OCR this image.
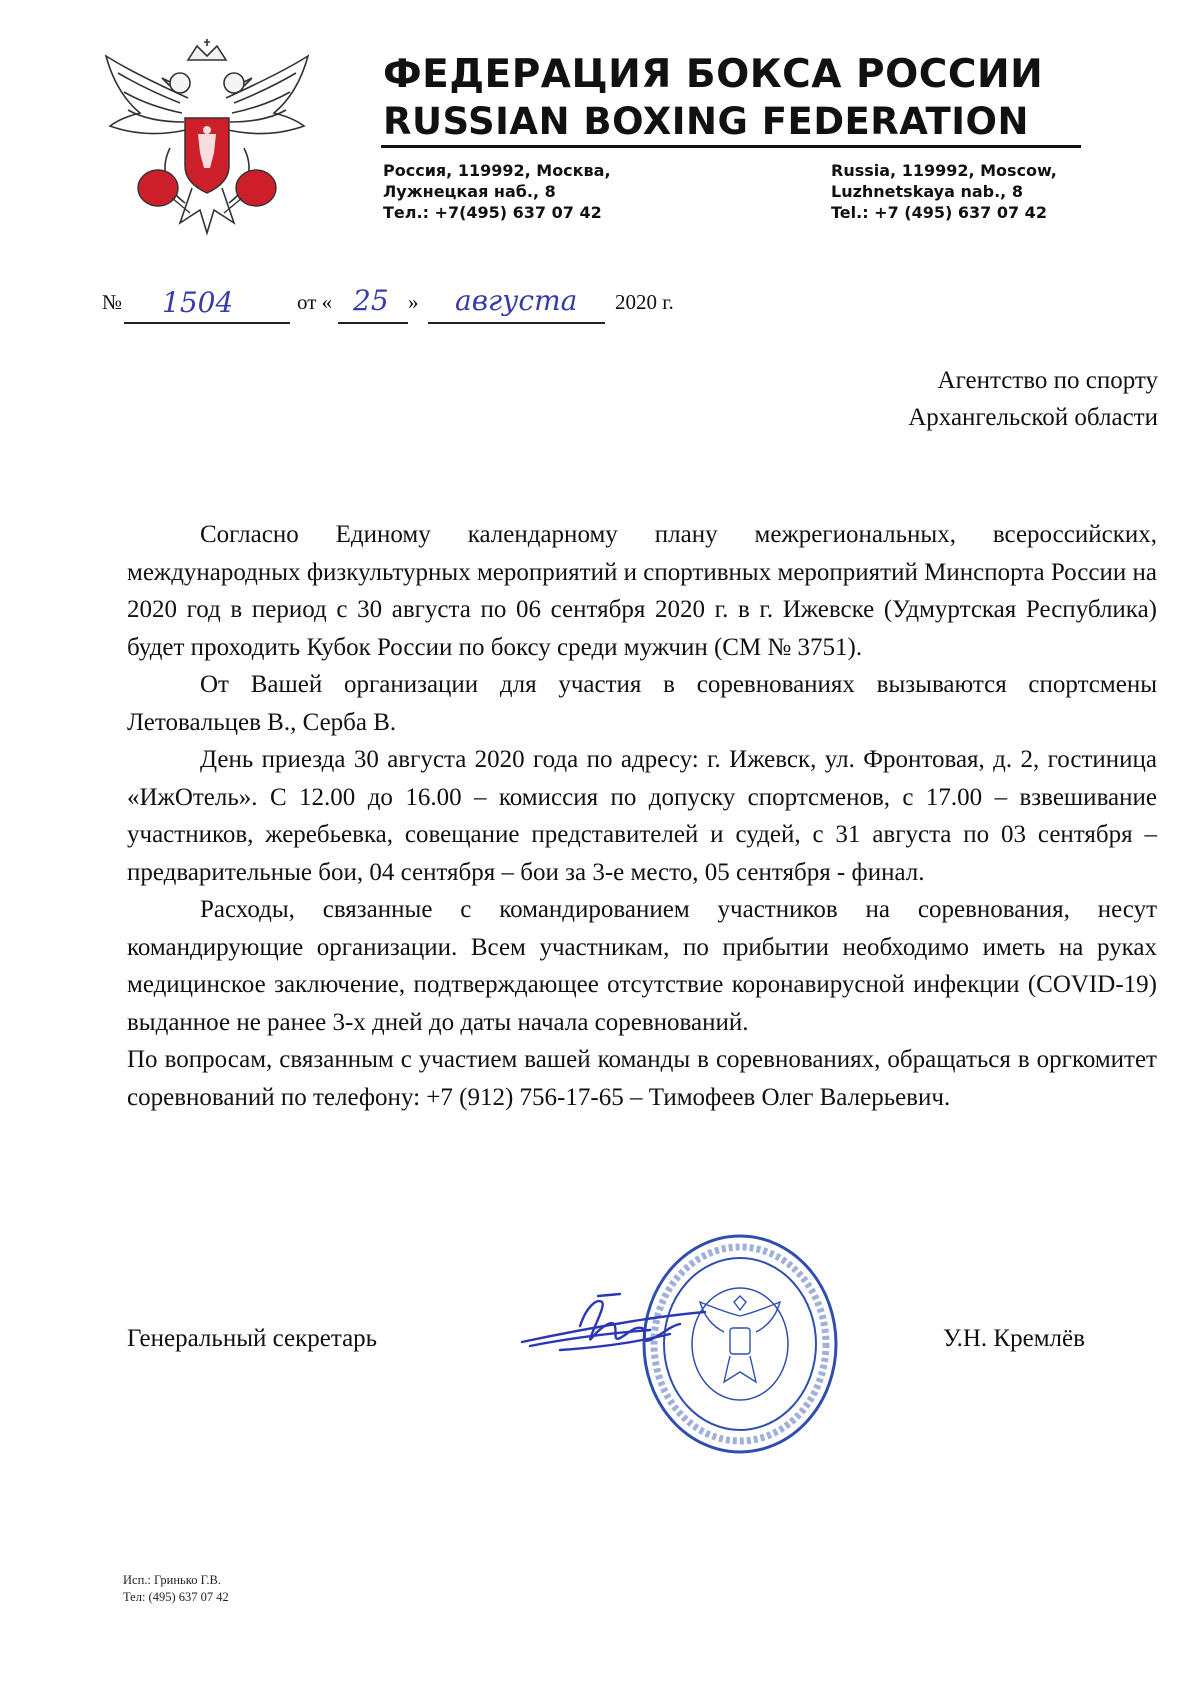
ФЕДЕРАЦИЯ БОКСА РОССИИ
RUSSIAN BOXING FEDERATION
Россия, 119992, Москва,
Лужнецкая наб., 8
Тел.: +7(495) 637 07 42
Russia, 119992, Moscow,
Luzhnetskaya nab., 8
Tel.: +7 (495) 637 07 42
№	от «	»	2020 г.
1504	25 августа
Агентство по спорту
Архангельской области

Согласно Единому календарному плану межрегиональных, всероссийских, международных физкультурных мероприятий и спортивных мероприятий Минспорта России на 2020 год в период с 30 августа по 06 сентября 2020 г. в г. Ижевске (Удмуртская Республика) будет проходить Кубок России по боксу среди мужчин (СМ № 3751).

От Вашей организации для участия в соревнованиях вызываются спортсмены Летовальцев В., Серба В.

День приезда 30 августа 2020 года по адресу: г. Ижевск, ул. Фронтовая, д. 2, гостиница «ИжОтель». С 12.00 до 16.00 – комиссия по допуску спортсменов, с 17.00 – взвешивание участников, жеребьевка, совещание представителей и судей, с 31 августа по 03 сентября – предварительные бои, 04 сентября – бои за 3-е место, 05 сентября - финал.

Расходы, связанные с командированием участников на соревнования, несут командирующие организации. Всем участникам, по прибытии необходимо иметь на руках медицинское заключение, подтверждающее отсутствие коронавирусной инфекции (COVID-19) выданное не ранее 3-х дней до даты начала соревнований.

По вопросам, связанным с участием вашей команды в соревнованиях, обращаться в оргкомитет соревнований по телефону: +7 (912) 756-17-65 – Тимофеев Олег Валерьевич.

Генеральный секретарь	У.Н. Кремлёв
Исп.: Гринько Г.В.
Тел: (495) 637 07 42
